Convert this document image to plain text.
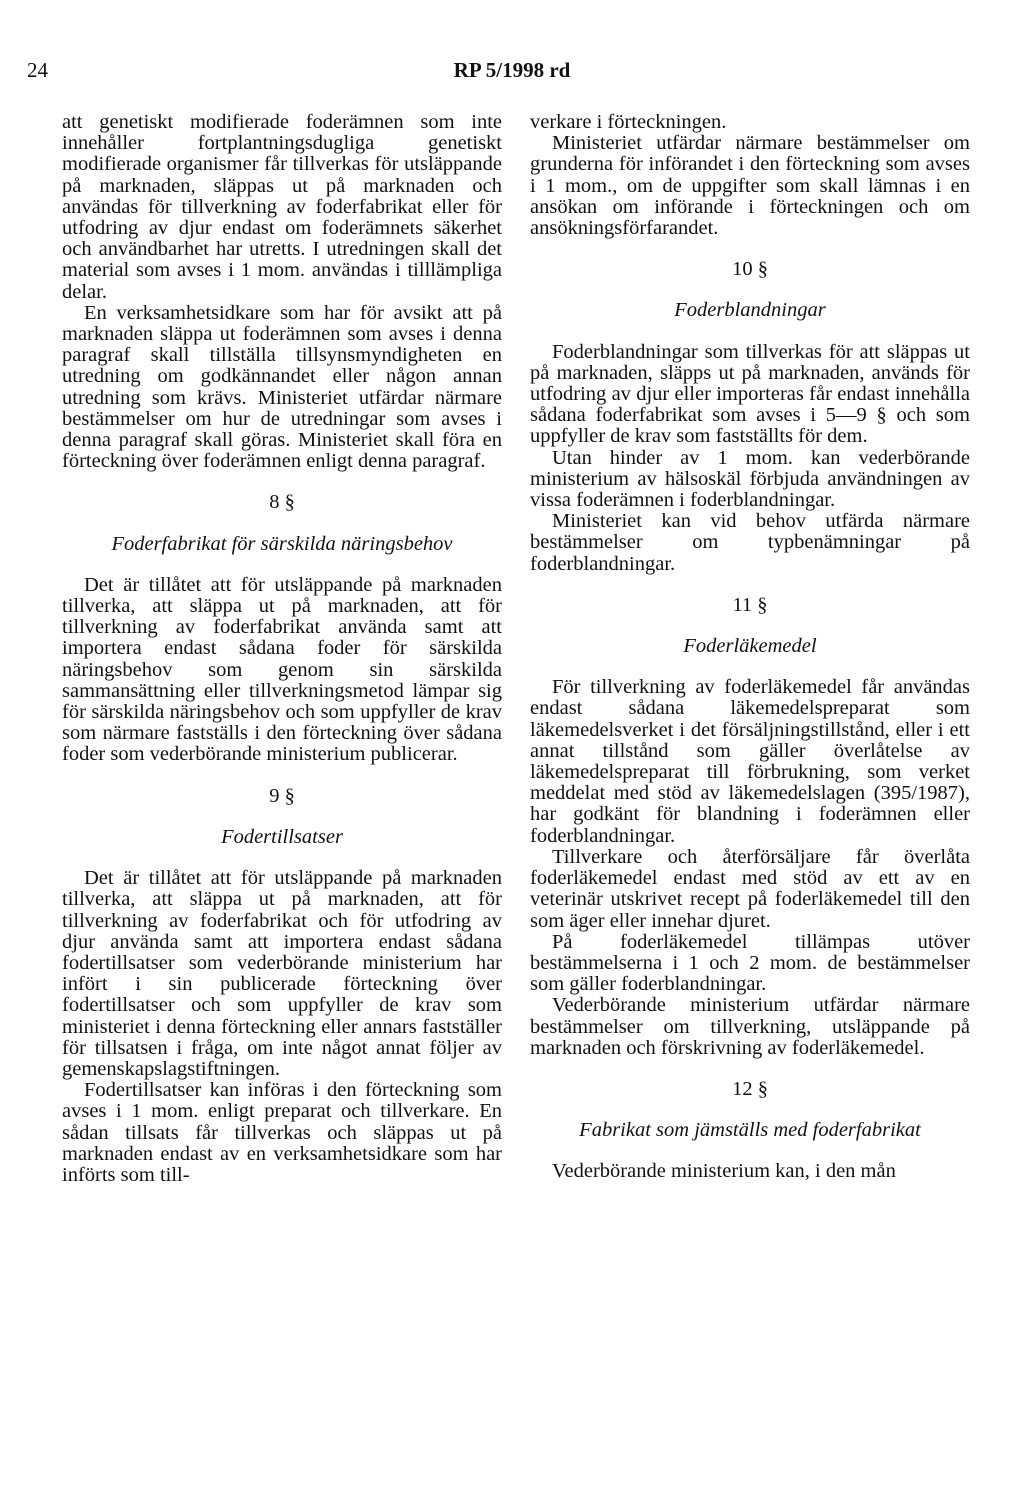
24	RP 5/1998 rd

att genetiskt modifierade foderämnen som inte innehåller fortplantningsdugliga genetiskt modifierade organismer får tillverkas för utsläppande på marknaden, släppas ut på marknaden och användas för tillverkning av foderfabrikat eller för utfodring av djur endast om foderämnets säkerhet och användbarhet har utretts. I utredningen skall det material som avses i 1 mom. användas i tilllämpliga delar.

En verksamhetsidkare som har för avsikt att på marknaden släppa ut foderämnen som avses i denna paragraf skall tillställa tillsynsmyndigheten en utredning om godkännandet eller någon annan utredning som krävs. Ministeriet utfärdar närmare bestämmelser om hur de utredningar som avses i denna paragraf skall göras. Ministeriet skall föra en förteckning över foderämnen enligt denna paragraf.

8 §

Foderfabrikat för särskilda näringsbehov

Det är tillåtet att för utsläppande på marknaden tillverka, att släppa ut på marknaden, att för tillverkning av foderfabrikat använda samt att importera endast sådana foder för särskilda näringsbehov som genom sin särskilda sammansättning eller tillverkningsmetod lämpar sig för särskilda näringsbehov och som uppfyller de krav som närmare fastställs i den förteckning över sådana foder som vederbörande ministerium publicerar.

9 §

Fodertillsatser

Det är tillåtet att för utsläppande på marknaden tillverka, att släppa ut på marknaden, att för tillverkning av foderfabrikat och för utfodring av djur använda samt att importera endast sådana fodertillsatser som vederbörande ministerium har infört i sin publicerade förteckning över fodertillsatser och som uppfyller de krav som ministeriet i denna förteckning eller annars fastställer för tillsatsen i fråga, om inte något annat följer av gemenskapslagstiftningen.

Fodertillsatser kan införas i den förteckning som avses i 1 mom. enligt preparat och tillverkare. En sådan tillsats får tillverkas och släppas ut på marknaden endast av en verksamhetsidkare som har införts som till-

verkare i förteckningen.

Ministeriet utfärdar närmare bestämmelser om grunderna för införandet i den förteckning som avses i 1 mom., om de uppgifter som skall lämnas i en ansökan om införande i förteckningen och om ansökningsförfarandet.

10 §

Foderblandningar

Foderblandningar som tillverkas för att släppas ut på marknaden, släpps ut på marknaden, används för utfodring av djur eller importeras får endast innehålla sådana foderfabrikat som avses i 5—9 § och som uppfyller de krav som fastställts för dem.

Utan hinder av 1 mom. kan vederbörande ministerium av hälsoskäl förbjuda användningen av vissa foderämnen i foderblandningar.

Ministeriet kan vid behov utfärda närmare bestämmelser om typbenämningar på foderblandningar.

11 §

Foderläkemedel

För tillverkning av foderläkemedel får användas endast sådana läkemedelspreparat som läkemedelsverket i det försäljningstillstånd, eller i ett annat tillstånd som gäller överlåtelse av läkemedelspreparat till förbrukning, som verket meddelat med stöd av läkemedelslagen (395/1987), har godkänt för blandning i foderämnen eller foderblandningar.

Tillverkare och återförsäljare får överlåta foderläkemedel endast med stöd av ett av en veterinär utskrivet recept på foderläkemedel till den som äger eller innehar djuret.

På foderläkemedel tillämpas utöver bestämmelserna i 1 och 2 mom. de bestämmelser som gäller foderblandningar.

Vederbörande ministerium utfärdar närmare bestämmelser om tillverkning, utsläppande på marknaden och förskrivning av foderläkemedel.

12 §

Fabrikat som jämställs med foderfabrikat

Vederbörande ministerium kan, i den mån
